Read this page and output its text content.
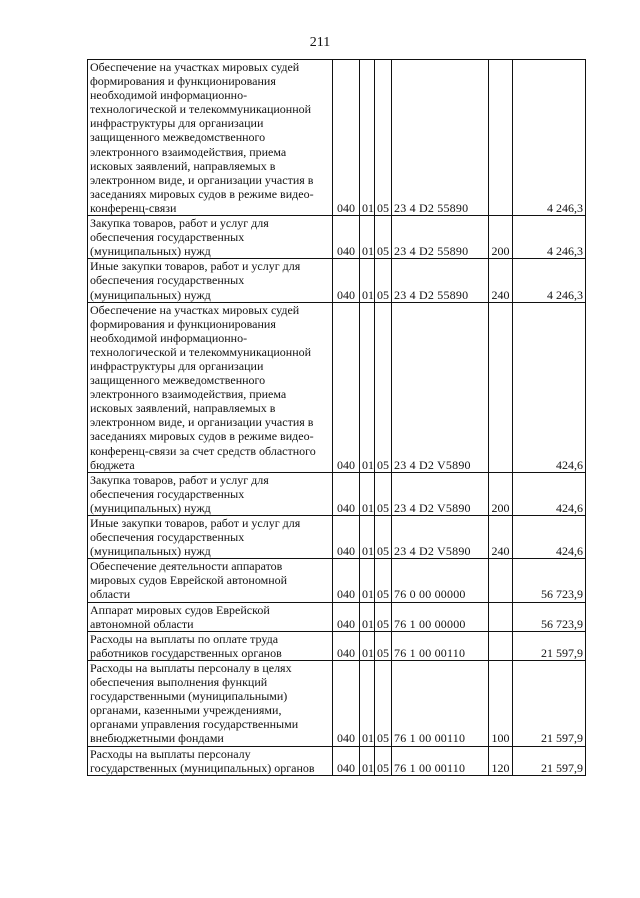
211
Обеспечение на участках мировых судей формирования и функционирования необходимой информационно-технологической и телекоммуникационной инфраструктуры для организации защищенного межведомственного электронного взаимодействия, приема исковых заявлений, направляемых в электронном виде, и организации участия в заседаниях мировых судов в режиме видео-конференц-связи	040	01	05	23 4 D2 55890		4 246,3
Закупка товаров, работ и услуг для обеспечения государственных (муниципальных) нужд	040	01	05	23 4 D2 55890	200	4 246,3
Иные закупки товаров, работ и услуг для обеспечения государственных (муниципальных) нужд	040	01	05	23 4 D2 55890	240	4 246,3
Обеспечение на участках мировых судей формирования и функционирования необходимой информационно-технологической и телекоммуникационной инфраструктуры для организации защищенного межведомственного электронного взаимодействия, приема исковых заявлений, направляемых в электронном виде, и организации участия в заседаниях мировых судов в режиме видео-конференц-связи за счет средств областного бюджета	040	01	05	23 4 D2 V5890		424,6
Закупка товаров, работ и услуг для обеспечения государственных (муниципальных) нужд	040	01	05	23 4 D2 V5890	200	424,6
Иные закупки товаров, работ и услуг для обеспечения государственных (муниципальных) нужд	040	01	05	23 4 D2 V5890	240	424,6
Обеспечение деятельности аппаратов мировых судов Еврейской автономной области	040	01	05	76 0 00 00000		56 723,9
Аппарат мировых судов Еврейской автономной области	040	01	05	76 1 00 00000		56 723,9
Расходы на выплаты по оплате труда работников государственных органов	040	01	05	76 1 00 00110		21 597,9
Расходы на выплаты персоналу в целях обеспечения выполнения функций государственными (муниципальными) органами, казенными учреждениями, органами управления государственными внебюджетными фондами	040	01	05	76 1 00 00110	100	21 597,9
Расходы на выплаты персоналу государственных (муниципальных) органов	040	01	05	76 1 00 00110	120	21 597,9
